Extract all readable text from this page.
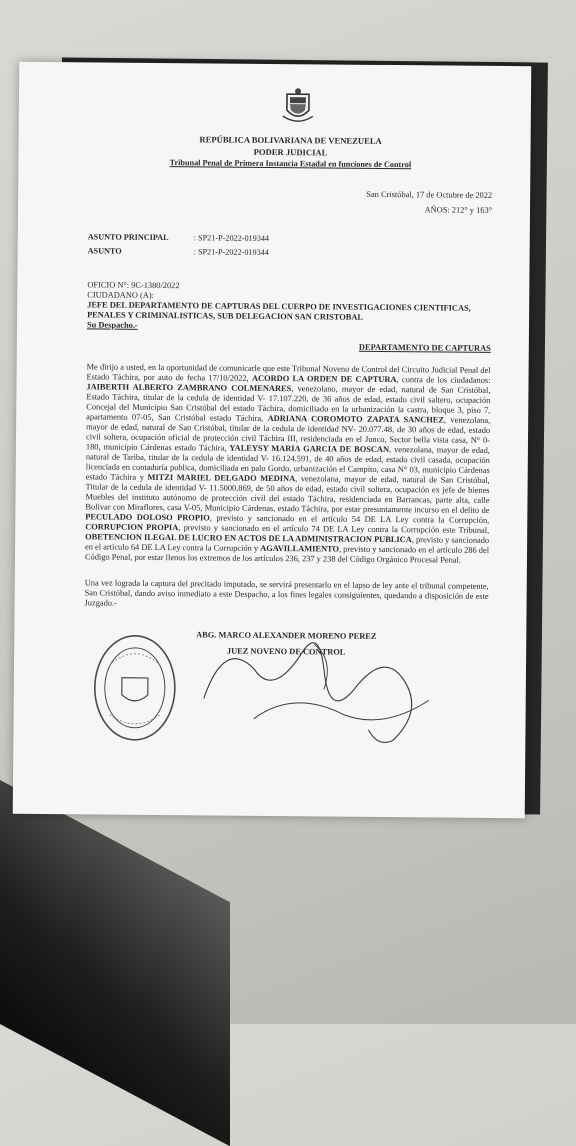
REPÚBLICA BOLIVARIANA DE VENEZUELA
PODER JUDICIAL
Tribunal Penal de Primera Instancia Estadal en funciones de Control
San Cristóbal, 17 de Octubre de 2022
AÑOS: 212° y 163°
ASUNTO PRINCIPAL	: SP21-P-2022-019344
ASUNTO	: SP21-P-2022-019344
OFICIO N°: 9C-1380/2022
CIUDADANO (A):
JEFE DEL DEPARTAMENTO DE CAPTURAS DEL CUERPO DE INVESTIGACIONES CIENTIFICAS, PENALES Y CRIMINALISTICAS, SUB DELEGACION SAN CRISTOBAL
Su Despacho.-
DEPARTAMENTO DE CAPTURAS
Me dirijo a usted, en la oportunidad de comunicarle que este Tribunal Noveno de Control del Circuito Judicial Penal del Estado Táchira, por auto de fecha 17/10/2022, ACORDO LA ORDEN DE CAPTURA, contra de los ciudadanos: JAIBERTH ALBERTO ZAMBRANO COLMENARES, venezolano, mayor de edad, natural de San Cristóbal, Estado Táchira, titular de la cedula de identidad V- 17.107.220, de 36 años de edad, estado civil saltero, ocupación Concejal del Municipio San Cristóbal del estado Táchira, domiciliado en la urbanización la castra, bloque 3, piso 7, apartamento 07-05, San Cristóbal estado Táchira, ADRIANA COROMOTO ZAPATA SANCHEZ, venezolana, mayor de edad, natural de San Cristóbal, titular de la cedula de identidad NV- 20.077.48, de 30 años de edad, estado civil soltera, ocupación oficial de protección civil Táchira III, residenciada en el Junco, Sector bella vista casa, N° 0-180, municipio Cárdenas estado Táchira, YALEYSY MARIA GARCIA DE BOSCAN, venezolana, mayor de edad, natural de Tariba, titular de la cedula de identidad V- 16.124.591, de 40 años de edad, estado civil casada, ocupación licenciada en contaduría publica, domiciliada en palo Gordo, urbanización el Campito, casa N° 03, municipio Cárdenas estado Táchira y MITZI MARIEL DELGADO MEDINA, venezolana, mayor de edad, natural de San Cristóbal, Titular de la cedula de identidad V- 11.5000.869, de 50 años de edad, estado civil soltera, ocupación ex jefe de bienes Muebles del instituto autónomo de protección civil del estado Táchira, residenciada en Barrancas, parte alta, calle Bolívar con Miraflores, casa V-05, Municipio Cárdenas, estado Táchira, por estar presuntamente incurso en el delito de PECULADO DOLOSO PROPIO, previsto y sancionado en el artículo 54 DE LA Ley contra la Corrupción, CORRUPCION PROPIA, previsto y sancionado en el artículo 74 DE LA Ley contra la Corrupción este Tribunal, OBETENCION ILEGAL DE LUCRO EN ACTOS DE LA ADMINISTRACION PUBLICA, previsto y sancionado en el artículo 64 DE LA Ley contra la Corrupción y AGAVILLAMIENTO, previsto y sancionado en el artículo 286 del Código Penal, por estar llenos los extremos de los artículos 236, 237 y 238 del Código Orgánico Procesal Penal.
Una vez lograda la captura del precitado imputado, se servirá presentarlo en el lapso de ley ante el tribunal competente, San Cristóbal, dando aviso inmediato a este Despacho, a los fines legales consiguientes, quedando a disposición de este Juzgado.-
ABG. MARCO ALEXANDER MORENO PEREZ
JUEZ NOVENO DE CONTROL
